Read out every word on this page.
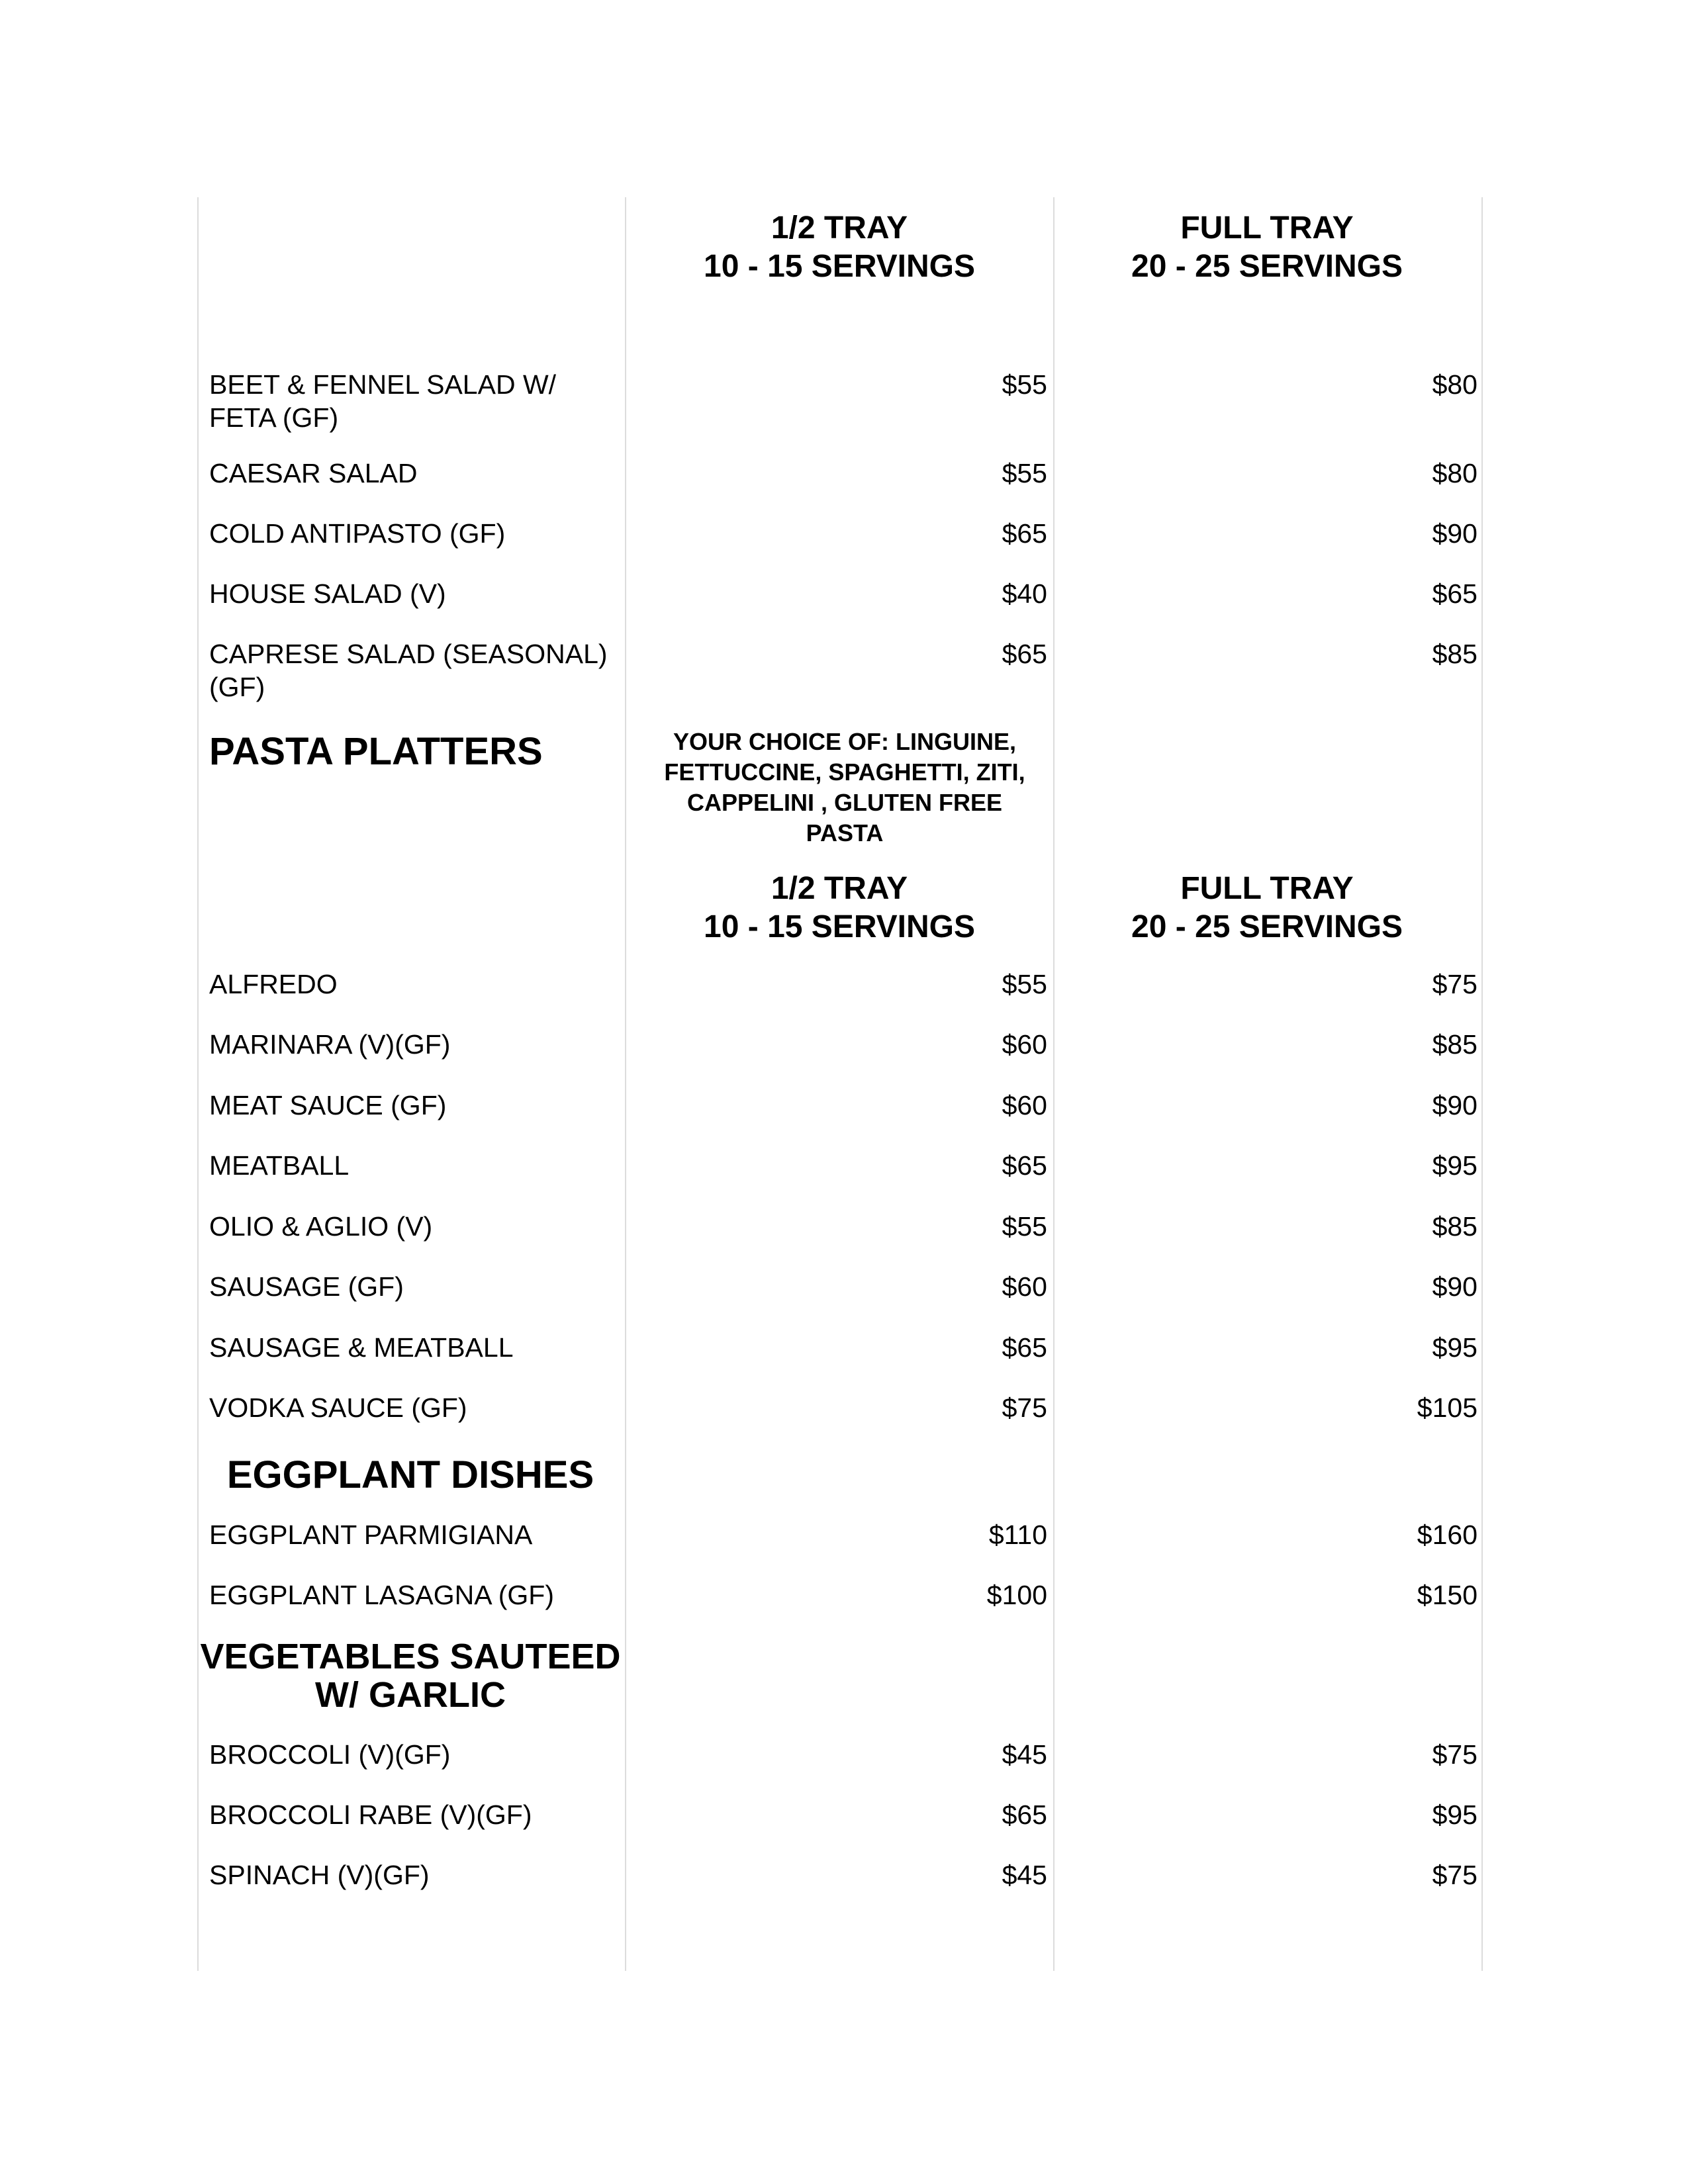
1/2 TRAY
10 - 15 SERVINGS
FULL TRAY
20 - 25 SERVINGS
BEET & FENNEL SALAD W/
FETA (GF)
$55	$80
CAESAR SALAD	$55	$80
COLD ANTIPASTO (GF)	$65	$90
HOUSE SALAD (V)	$40	$65
CAPRESE SALAD (SEASONAL)
(GF)
$65	$85
PASTA PLATTERS	YOUR CHOICE OF: LINGUINE,
FETTUCCINE, SPAGHETTI, ZITI,
CAPPELINI , GLUTEN FREE
PASTA
1/2 TRAY
10 - 15 SERVINGS
FULL TRAY
20 - 25 SERVINGS
ALFREDO	$55	$75
MARINARA (V)(GF)	$60	$85
MEAT SAUCE (GF)	$60	$90
MEATBALL	$65	$95
OLIO & AGLIO (V)	$55	$85
SAUSAGE (GF)	$60	$90
SAUSAGE & MEATBALL	$65	$95
VODKA SAUCE (GF)	$75	$105
EGGPLANT DISHES
EGGPLANT PARMIGIANA	$110	$160
EGGPLANT LASAGNA (GF)	$100	$150
VEGETABLES SAUTEED
W/ GARLIC
BROCCOLI (V)(GF)	$45	$75
BROCCOLI RABE (V)(GF)	$65	$95
SPINACH (V)(GF)	$45	$75
